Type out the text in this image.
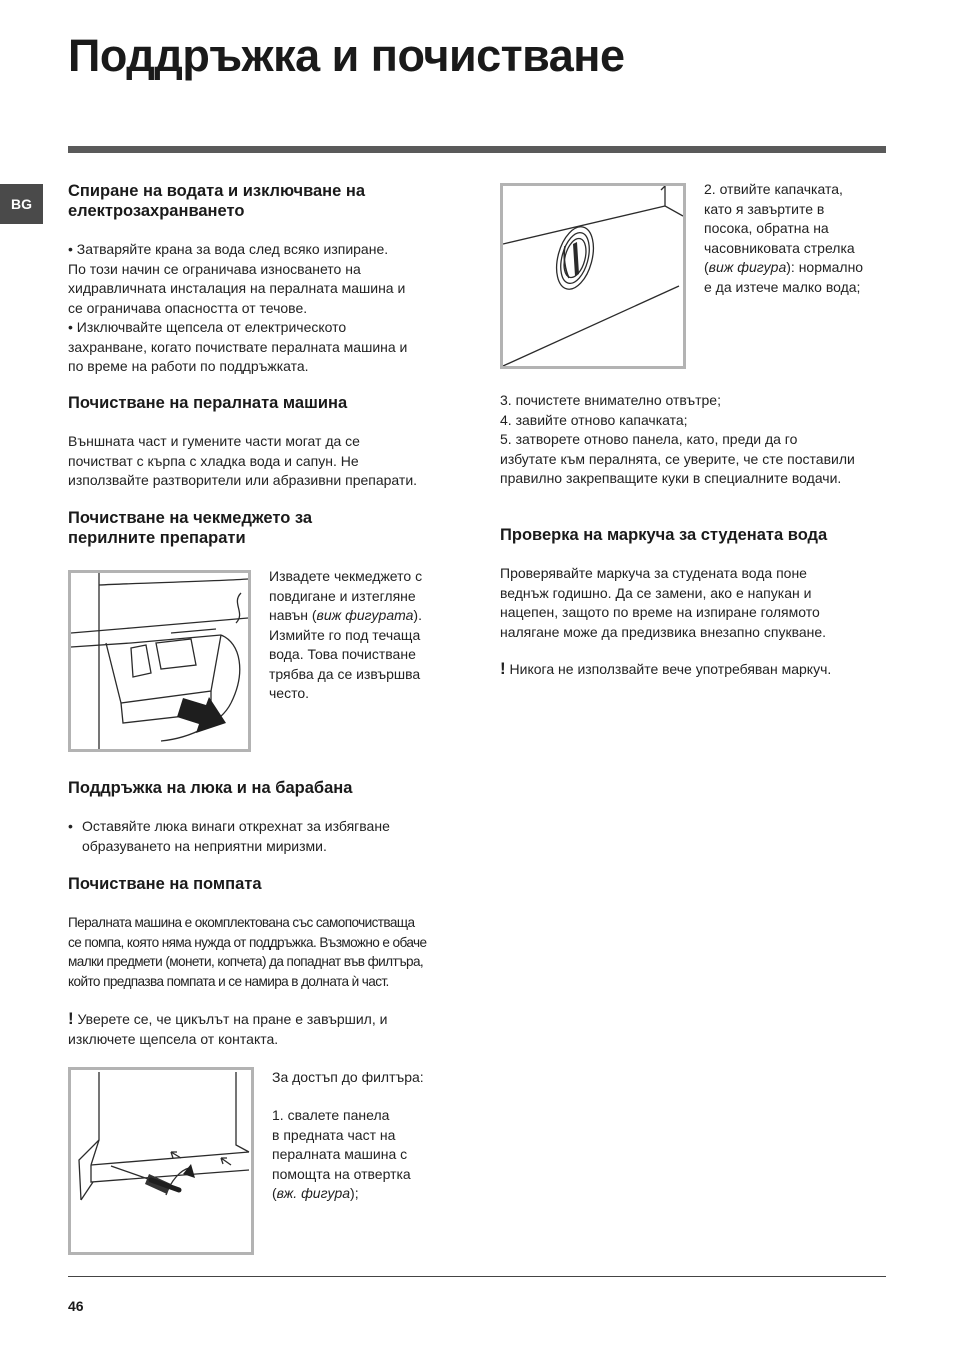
Поддръжка и почистване
BG
Спиране на водата и изключване на
електрозахранването
• Затваряйте крана за вода след всяко изпиране.
По този начин се ограничава износването на
хидравличната инсталация на пералната машина и
се ограничава опасността от течове.
• Изключвайте щепсела от електрическото
захранване, когато почиствате пералната машина и
по време на работи по поддръжката.
Почистване на пералната машина
Външната част и гумените части могат да се
почистват с кърпа с хладка вода и сапун. Не
използвайте разтворители или абразивни препарати.
Почистване на чекмеджето за
перилните препарати
Извадете чекмеджето с
повдигане и изтегляне
навън (виж фигурата).
Измийте го под течаща
вода. Това почистване
трябва да се извършва
често.
Поддръжка на люка и на барабана
• Оставяйте люка винаги открехнат за избягване
образуването на неприятни миризми.
Почистване на помпата
Пералната машина е окомплектована със самопочистваща
се помпа, която няма нужда от поддръжка. Възможно е обаче
малки предмети (монети, копчета) да попаднат във филтъра,
който предпазва помпата и се намира в долната ѝ част.
! Уверете се, че цикълът на пране е завършил, и
изключете щепсела от контакта.
За достъп до филтъра:
1. свалете панела
в предната част на
пералната машина с
помощта на отвертка
(вж. фигура);
2. отвийте капачката,
като я завъртите в
посока, обратна на
часовниковата стрелка
(виж фигура): нормално
е да изтече малко вода;
3. почистете внимателно отвътре;
4. завийте отново капачката;
5. затворете отново панела, като, преди да го
избутате към пералнята, се уверите, че сте поставили
правилно закрепващите куки в специалните водачи.
Проверка на маркуча за студената вода
Проверявайте маркуча за студената вода поне
веднъж годишно. Да се замени, ако е напукан и
нацепен, защото по време на изпиране голямото
налягане може да предизвика внезапно спукване.
! Никога не използвайте вече употребяван маркуч.
46
